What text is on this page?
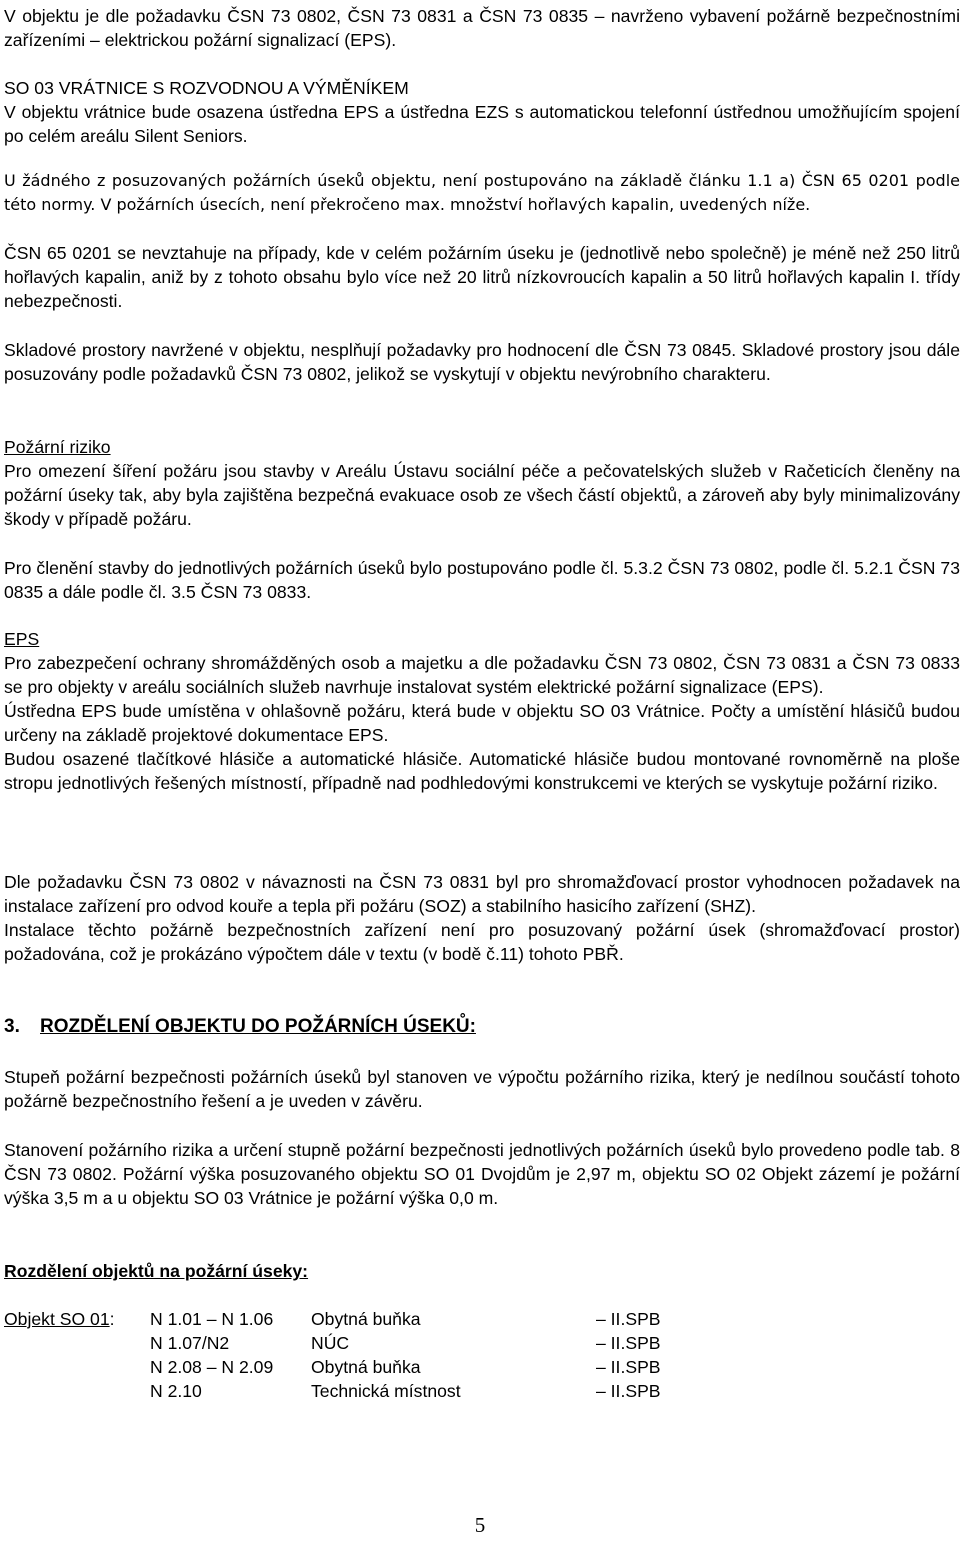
V objektu je dle požadavku ČSN 73 0802, ČSN 73 0831 a ČSN 73 0835 – navrženo vybavení požárně bezpečnostními zařízeními – elektrickou požární signalizací (EPS).

SO 03 VRÁTNICE S ROZVODNOU A VÝMĚNÍKEM

V objektu vrátnice bude osazena ústředna EPS a ústředna EZS s automatickou telefonní ústřednou umožňujícím spojení po celém areálu Silent Seniors.

U žádného z posuzovaných požárních úseků objektu, není postupováno na základě článku 1.1 a) ČSN 65 0201 podle této normy. V požárních úsecích, není překročeno max. množství hořlavých kapalin, uvedených níže.

ČSN 65 0201 se nevztahuje na případy, kde v celém požárním úseku je (jednotlivě nebo společně) je méně než 250 litrů hořlavých kapalin, aniž by z tohoto obsahu bylo více než 20 litrů nízkovroucích kapalin a 50 litrů hořlavých kapalin I. třídy nebezpečnosti.

Skladové prostory navržené v objektu, nesplňují požadavky pro hodnocení dle ČSN 73 0845. Skladové prostory jsou dále posuzovány podle požadavků ČSN 73 0802, jelikož se vyskytují v objektu nevýrobního charakteru.

Požární riziko

Pro omezení šíření požáru jsou stavby v Areálu Ústavu sociální péče a pečovatelských služeb v Račeticích členěny na požární úseky tak, aby byla zajištěna bezpečná evakuace osob ze všech částí objektů, a zároveň aby byly minimalizovány škody v případě požáru.

Pro členění stavby do jednotlivých požárních úseků bylo postupováno podle čl. 5.3.2 ČSN 73 0802, podle čl. 5.2.1 ČSN 73 0835 a dále podle čl. 3.5 ČSN 73 0833.

EPS

Pro zabezpečení ochrany shromážděných osob a majetku a dle požadavku ČSN 73 0802, ČSN 73 0831 a ČSN 73 0833 se pro objekty v areálu sociálních služeb navrhuje instalovat systém elektrické požární signalizace (EPS).

Ústředna EPS bude umístěna v ohlašovně požáru, která bude v objektu SO 03 Vrátnice. Počty a umístění hlásičů budou určeny na základě projektové dokumentace EPS.

Budou osazené tlačítkové hlásiče a automatické hlásiče. Automatické hlásiče budou montované rovnoměrně na ploše stropu jednotlivých řešených místností, případně nad podhledovými konstrukcemi ve kterých se vyskytuje požární riziko.

Dle požadavku ČSN 73 0802 v návaznosti na ČSN 73 0831 byl pro shromažďovací prostor vyhodnocen požadavek na instalace zařízení pro odvod kouře a tepla při požáru (SOZ) a stabilního hasicího zařízení (SHZ).

Instalace těchto požárně bezpečnostních zařízení není pro posuzovaný požární úsek (shromažďovací prostor) požadována, což je prokázáno výpočtem dále v textu (v bodě č.11) tohoto PBŘ.

3. ROZDĚLENÍ OBJEKTU DO POŽÁRNÍCH ÚSEKŮ:

Stupeň požární bezpečnosti požárních úseků byl stanoven ve výpočtu požárního rizika, který je nedílnou součástí tohoto požárně bezpečnostního řešení a je uveden v závěru.

Stanovení požárního rizika a určení stupně požární bezpečnosti jednotlivých požárních úseků bylo provedeno podle tab. 8 ČSN 73 0802. Požární výška posuzovaného objektu SO 01 Dvojdům je 2,97 m, objektu SO 02 Objekt zázemí je požární výška 3,5 m a u objektu SO 03 Vrátnice je požární výška 0,0 m.

Rozdělení objektů na požární úseky:

Objekt SO 01: N 1.01 – N 1.06 Obytná buňka	– II.SPB
N 1.07/N2	NÚC	– II.SPB
N 2.08 – N 2.09 Obytná buňka	– II.SPB
N 2.10	Technická místnost	– II.SPB
5
